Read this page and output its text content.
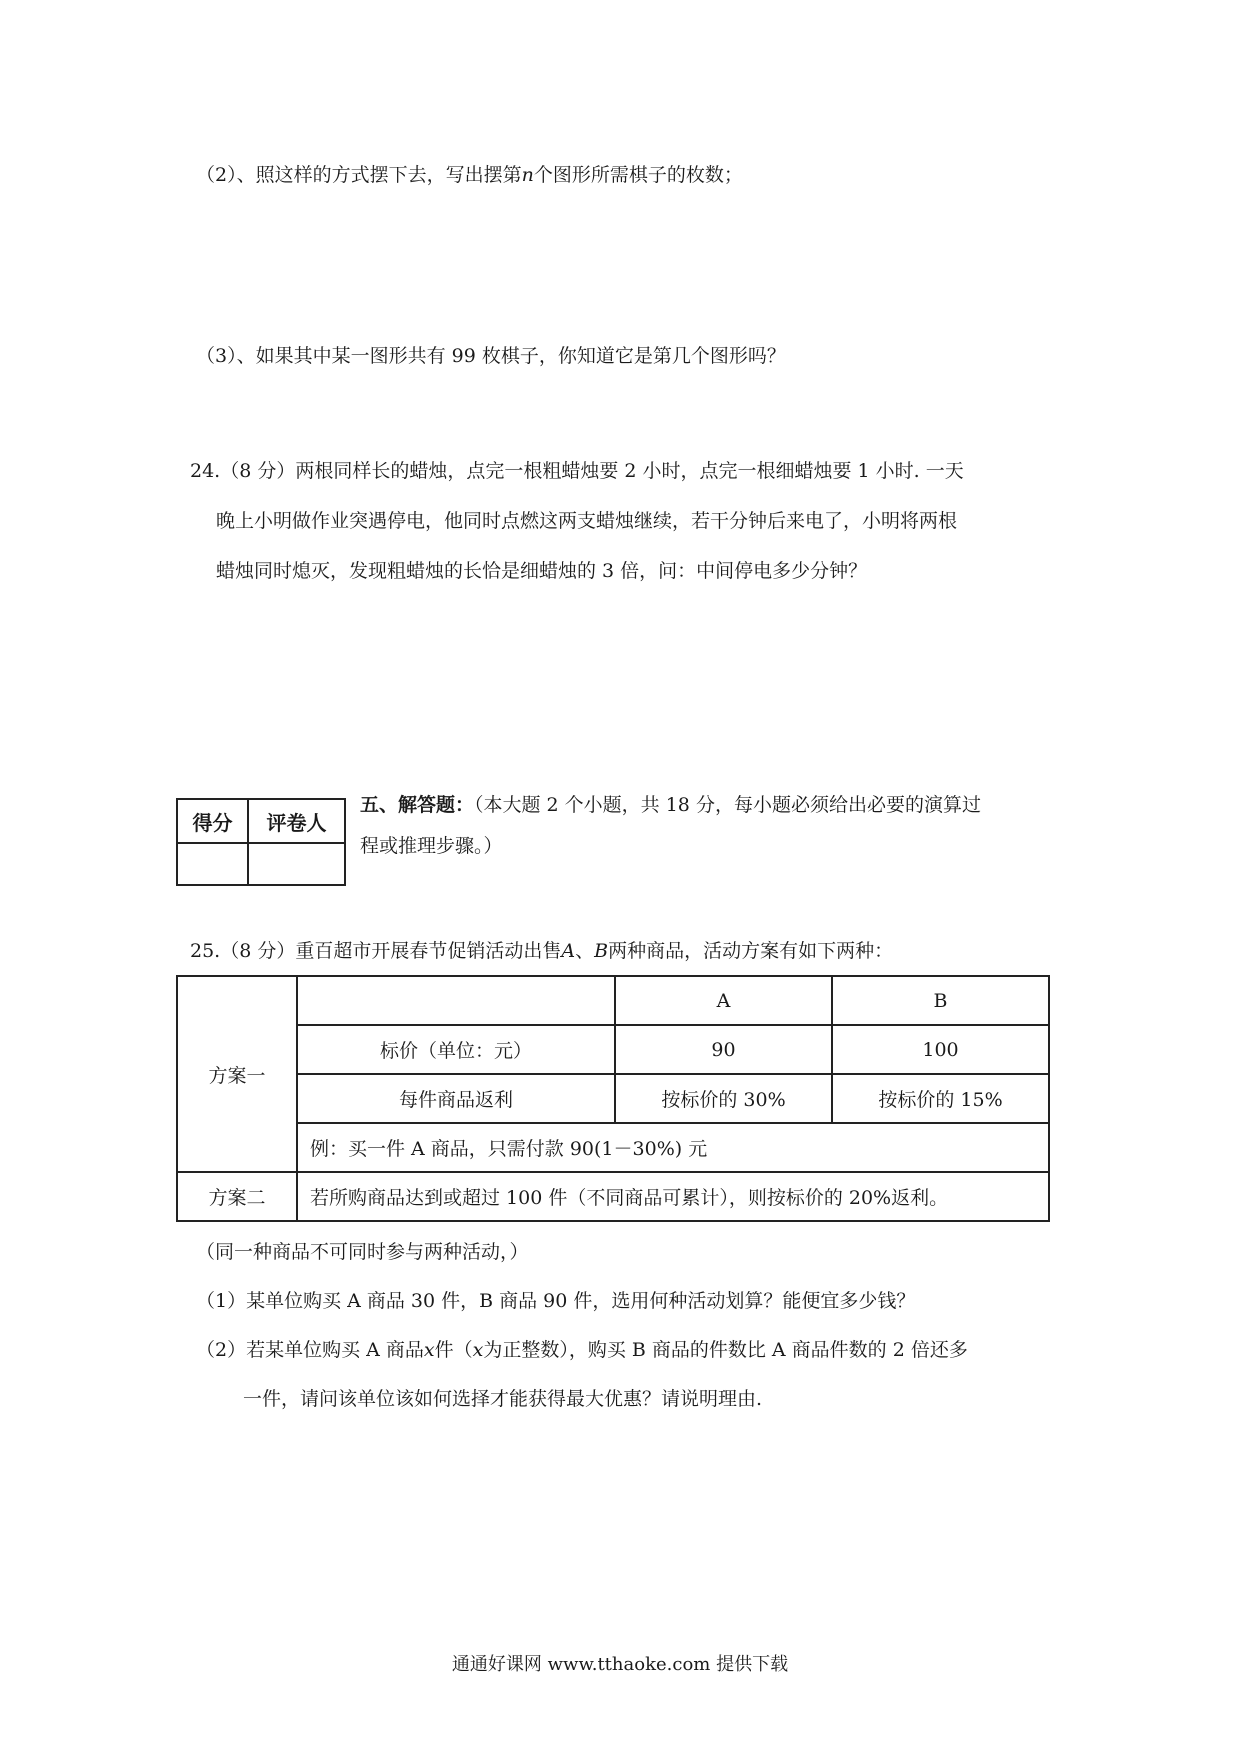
（2）、照这样的方式摆下去，写出摆第n个图形所需棋子的枚数；
（3）、如果其中某一图形共有 99 枚棋子，你知道它是第几个图形吗？
24.（8 分）两根同样长的蜡烛，点完一根粗蜡烛要 2 小时，点完一根细蜡烛要 1 小时. 一天
晚上小明做作业突遇停电，他同时点燃这两支蜡烛继续，若干分钟后来电了，小明将两根
蜡烛同时熄灭，发现粗蜡烛的长恰是细蜡烛的 3 倍，问：中间停电多少分钟？
得分	评卷人

五、解答题：（本大题 2 个小题，共 18 分，每小题必须给出必要的演算过
程或推理步骤。）
25.（8 分）重百超市开展春节促销活动出售A、B两种商品，活动方案有如下两种：
方案一		A	B
	标价（单位：元）	90	100
	每件商品返利	按标价的 30%	按标价的 15%
	例：买一件 A 商品，只需付款 90(1－30%) 元		
方案二	若所购商品达到或超过 100 件（不同商品可累计），则按标价的 20%返利。		
（同一种商品不可同时参与两种活动，）
（1）某单位购买 A 商品 30 件，B 商品 90 件，选用何种活动划算？能便宜多少钱？
（2）若某单位购买 A 商品x件（x为正整数），购买 B 商品的件数比 A 商品件数的 2 倍还多
一件，请问该单位该如何选择才能获得最大优惠？请说明理由.
通通好课网 www.tthaoke.com 提供下载
